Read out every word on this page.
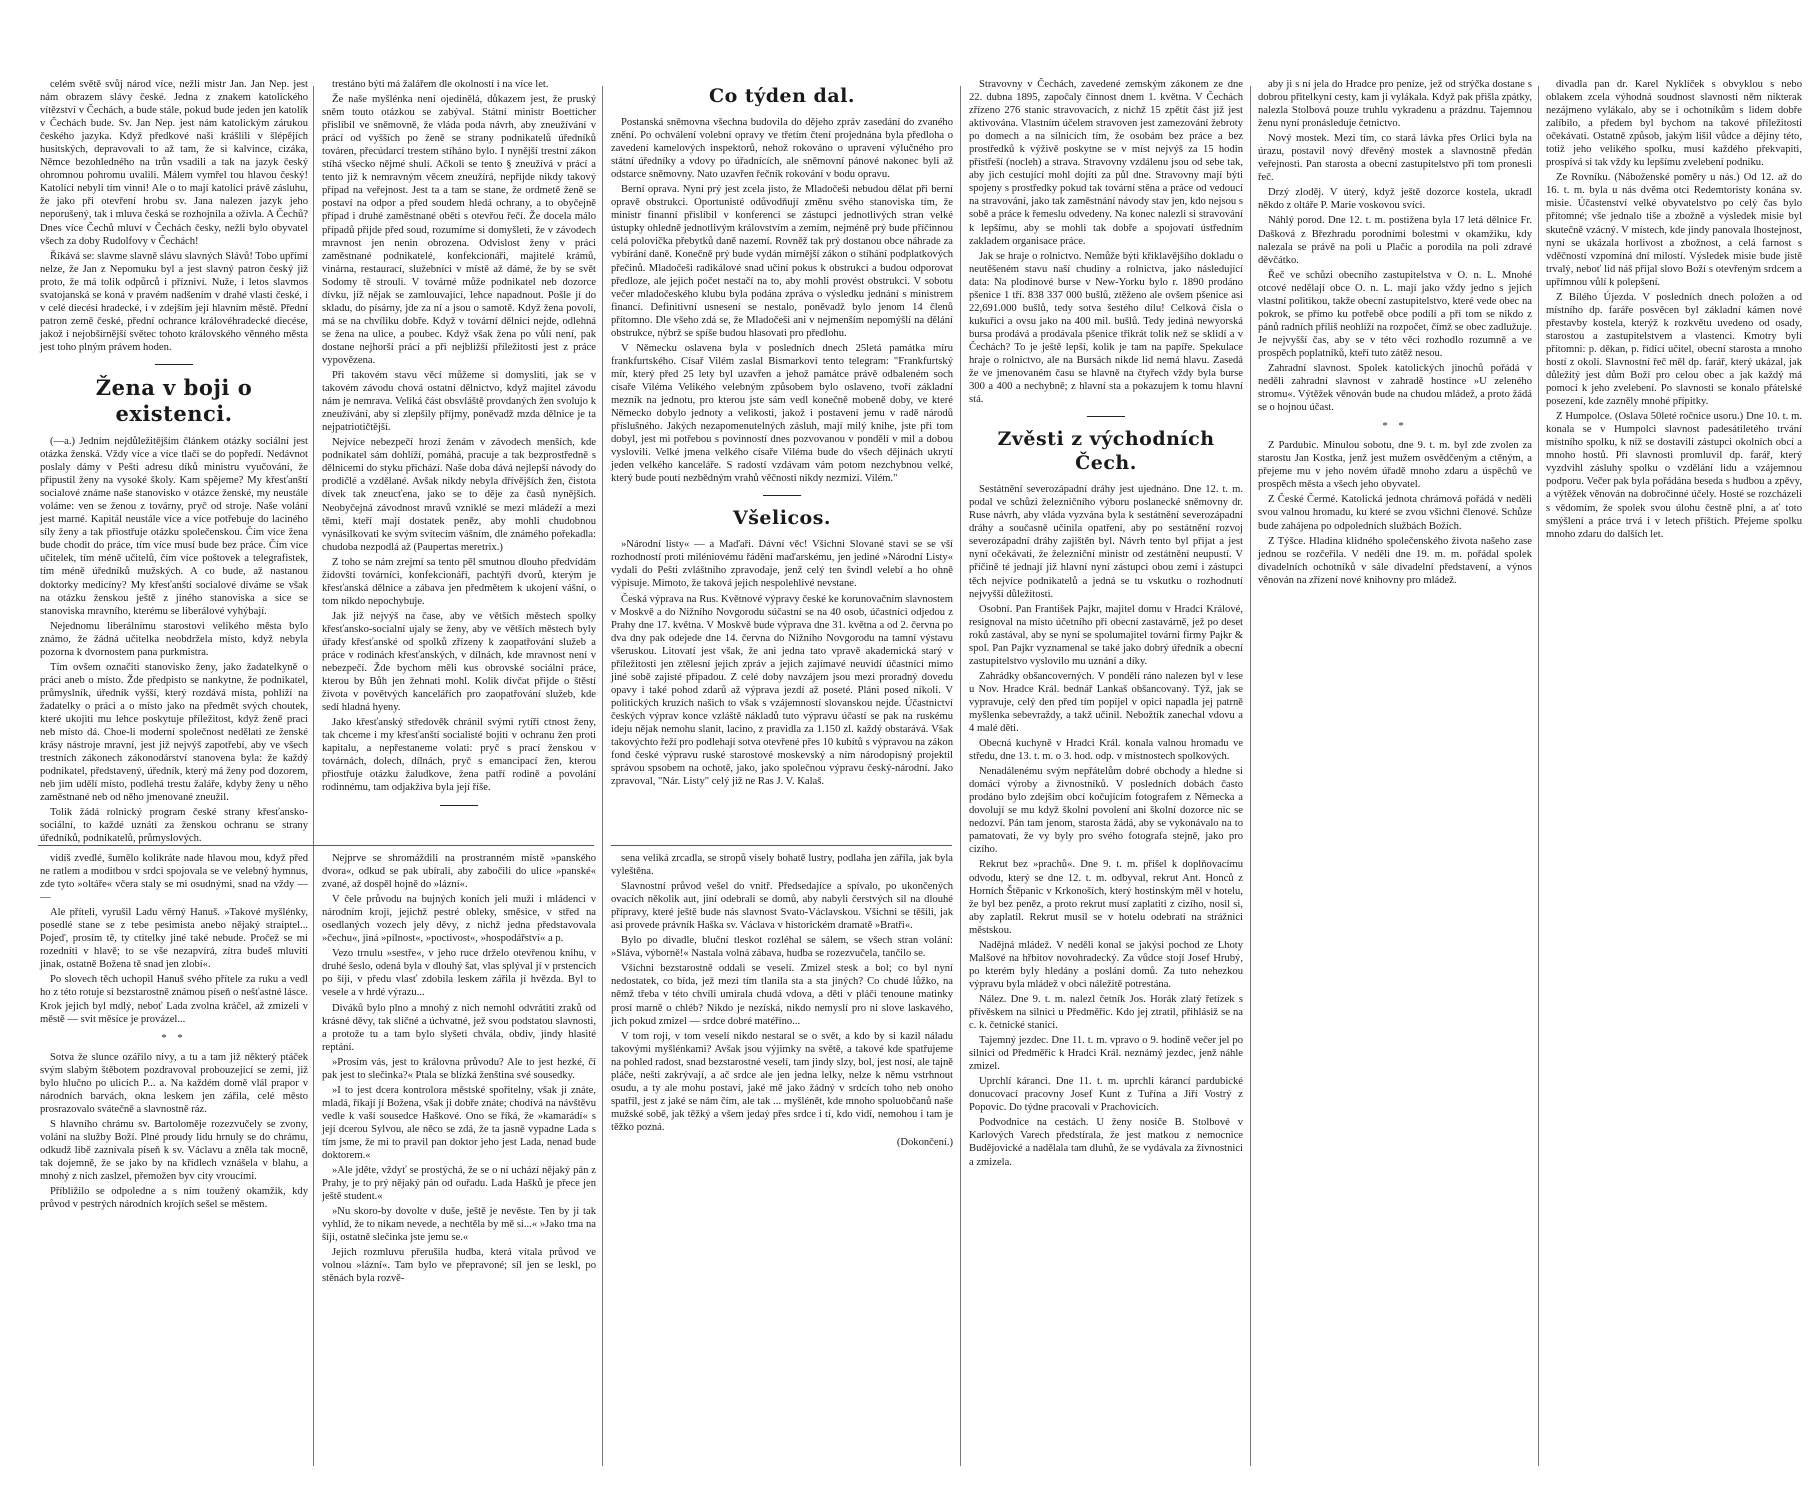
celém světě svůj národ více, nežli mistr Jan. Jan Nep. jest nám obrazem slávy české. Jedna z znakem katolického vítězství v Čechách, a bude stále, pokud bude jeden jen katolík v Čechách bude. Sv. Jan Nep. jest nám katolickým zárukou českého jazyka. Když předkové naši krášlili v šlépějích husitských, depravovali to až tam, že si kalvince, cizáka, Němce bezohledného na trůn vsadili a tak na jazyk český ohromnou pohromu uvalili. Málem vymřel tou hlavou český! Katolíci nebyli tím vinni! Ale o to mají katolíci právě zásluhu, že jako při otevření hrobu sv. Jana nalezen jazyk jeho neporušený, tak i mluva česká se rozhojnila a oživla. A Čechů? Dnes více Čechů mluví v Čechách česky, nežli bylo obyvatel všech za doby Rudolfovy v Čechách!

Říkává se: slavme slavně slávu slavných Slávů! Tobo upřímí nelze, že Jan z Nepomuku byl a jest slavný patron český již proto, že má tolik odpůrců i přízniví. Nuže, i letos slavmos svatojanská se koná v pravém nadšením v drahé vlasti české, i v celé diecési hradecké, i v zdejším její hlavním městě. Přední patron země české, přední ochrance královéhradecké diecése, jakož i nejobšírnější světec tohoto královského věnného města jest toho plným právem hoden.

Žena v boji o existenci.

(—a.) Jedním nejdůležitějším článkem otázky sociální jest otázka ženská. Vždy více a více tlačí se do popředí. Nedávnot poslaly dámy v Pešti adresu díků ministru vyučování, že připustil ženy na vysoké školy. Kam spějeme? My křesťanští socialové známe naše stanovisko v otázce ženské, my neustále voláme: ven se ženou z továrny, pryč od stroje. Naše volání jest marné. Kapitál neustále více a více potřebuje do laciného síly ženy a tak přiostřuje otázku společenskou. Čím více žena bude chodit do práce, tím více musí bude bez práce. Čím více učitelek, tím méně učitelů, čím více poštovek a telegrafistek, tím méně úředníků mužských. A co bude, až nastanou doktorky medicíny? My křesťanští socialové díváme se však na otázku ženskou ještě z jiného stanoviska a sice se stanoviska mravního, kterému se liberálové vyhýbají.

Nejednomu liberálnímu starostovi velikého města bylo známo, že žádná učitelka neobdržela místo, když nebyla pozorna k dvornostem pana purkmistra.

Tím ovšem označiti stanovisko ženy, jako žadatelkyně o práci aneb o místo. Žde předpisto se nankytne, že podnikatel, průmyslník, úředník vyšší, který rozdává místa, pohlíží na žadatelky o práci a o místo jako na předmět svých choutek, které ukojiti mu lehce poskytuje příležitost, když ženě praci neb místo dá. Choe-li moderní společnost nedělati ze ženské krásy nástroje mravní, jest již nejvýš zapotřebí, aby ve všech trestních zákonech zákonodárství stanovena byla: že každý podnikatel, představený, úředník, který má ženy pod dozorem, neb jim udělí místo, podlehá trestu žaláře, kdyby ženy u něho zaměstnané neb od něho jmenované zneužil.

Tolik žádá rolnický program české strany křesťansko-sociální, to každé uznáti za ženskou ochranu se strany úředníků, podnikatelů, průmyslových.

trestáno býti má žalářem dle okolností i na více let.

Že naše myšlénka není ojedinělá, důkazem jest, že pruský sněm touto otázkou se zabýval. Státní ministr Boetticher přislíbil ve sněmovně, že vláda poda návrh, aby zneužívání v prácí od vyšších po ženě se strany podnikatelů úředníků továren, přecúdarcí trestem stíháno bylo. I nynější trestní zákon stíhá všecko nějmé shulí. Ačkoli se tento § zneužívá v prácí a tento již k nemravným věcem zneužírá, nepřijde nikdy takový případ na veřejnost. Jest ta a tam se stane, že ordmetě ženě se postaví na odpor a před soudem hledá ochrany, a to obyčejně případ i druhé zaměstnané oběti s otevřou řečí. Že docela málo případů přijde před soud, rozumíme si domyšleti, že v závodech mravnost jen nenin obrozena. Odvislost ženy v práci zaměstnané podnikatelé, konfekcionáři, majitelé krámů, vinárna, restaurací, služebníci v místě až dámé, že by se svět Sodomy tě strouli. V továrné může podnikatel neb dozorce dívku, jíž nějak se zamlouvající, lehce napadnout. Pošle jí do skladu, do písárny, jde za ní a jsou o samotě. Když žena povolí, má se na chvíliku dobře. Když v tovární dělnici nejde, odlehná se žena na ulice, a poubec. Když však žena po vůli není, pak dostane nejhorší prácí a při nejbližší příležitosti jest z práce vypovězena.

Při takovém stavu věcí můžeme si domysliti, jak se v takovém závodu chová ostatní dělnictvo, když majitel závodu nám je nemrava. Veliká část obsvláště provdaných žen svolujo k zneužívání, aby si zlepšily příjmy, poněvadž mzda dělnice je ta nejpatriotičtější.

Nejvíce nebezpečí hrozí ženám v závodech menších, kde podnikatel sám dohlíží, pomáhá, pracuje a tak bezprostředně s dělnicemi do styku přichází. Naše doba dává nejlepší návody do prodičlé a vzdělané. Avšak nikdy nebyla dřívějších žen, čistota dívek tak zneucťena, jako se to děje za časů nynějších. Neobyčejná závodnost mravů vzniklé se mezi mládeží a mezi těmi, kteří mají dostatek peněz, aby mohli chudobnou vynásilkovati ke svým svítecím vášním, dle známého pořekadla: chudoba nezpodlá až (Paupertas meretrix.)

Z toho se nám zrejmí sa tento pěl smutnou dlouho předvídám židovští továrníci, konfekcionáři, pachtýři dvorů, kterým je křesťanská dělnice a zábava jen předmětem k ukojení vášní, o tom nikdo nepochybuje.

Jak již nejvýš na čase, aby ve větších městech spolky křesťansko-socialní ujaly se ženy, aby ve větších městech byly úřady křesťanské od spolků zřízeny k zaopatřování služeb a práce v rodinách křesťanských, v dílnách, kde mravnost není v nebezpečí. Žde bychom měli kus obrovské sociální práce, kterou by Bůh jen žehnati mohl. Kolik dívčat přijde o štěstí života v povětvých kancelářích pro zaopatřování služeb, kde sedí hladná hyeny.

Jako křesťanský středověk chránil svými rytíři ctnost ženy, tak chceme i my křesťanští socialisté bojiti v ochranu žen proti kapitalu, a nepřestaneme volati: pryč s prací ženskou v továrnách, dolech, dílnách, pryč s emancipací žen, kterou přiostřuje otázku žaludkove, žena patří rodině a povolání rodinnému, tam odjakživa byla její říše.

Co týden dal.

Postanská sněmovna všechna budovila do dějeho zpráv zasedání do zvaného znění. Po ochválení volební opravy ve třetím čtení projednána byla předloha o zavedení kamelových inspektorů, nehož rokováno o upravení výlučného pro státní úředníky a vdovy po úřadnících, ale sněmovní pánové nakonec byli až odstarce sněmovny. Nato uzavřen řečník rokování v bodu opravu.

Berní oprava. Nyní prý jest zcela jisto, že Mladočeši nebudou dělat při berní opravě obstrukci. Oportunisté odůvodňují změnu svého stanoviska tím, že ministr finanní přislíbil v konferenci se zástupci jednotlivých stran velké ústupky ohledně jednotlivým královstvím a zemím, nejméně prý bude příčinnou celá polovička přebytků daně nazemí. Rovněž tak prý dostanou obce náhrade za vybírání daně. Konečně prý bude vydán mírnější zákon o stíhání podplatkových přečinů. Mladočeši radikálové snad učiní pokus k obstrukci a budou odporovat předloze, ale jejich počet nestačí na to, aby mohli provést obstrukci. V sobotu večer mladočeského klubu byla podána zpráva o výsledku jednání s ministrem financí. Definitivní usnesení se nestalo, poněvadž bylo jenom 14 členů přítomno. Dle všeho zdá se, že Mladočeši ani v nejmenším nepomýšlí na dělání obstrukce, nýbrž se spíše budou hlasovati pro předlohu.

V Německu oslavena byla v posledních dnech 25letá památka míru frankfurtského. Císař Vilém zaslal Bismarkovi tento telegram: "Frankfurtský mír, který před 25 lety byl uzavřen a jehož památce právě odbaleném soch císaře Viléma Velikého velebným způsobem bylo oslaveno, tvoří základní mezník na jednotu, pro kterou jste sám vedl konečně mobeně doby, ve které Německo dobylo jednoty a velikosti, jakož i postavení jemu v radě národů příslušného. Jakých nezapomenutelných zásluh, mají milý knihe, jste při tom dobyl, jest mi potřebou s povinností dnes pozvovanou v pondělí v mil a dobou vyslovili. Velké jmena velkého císaře Viléma bude do všech dějinách ukrytí jeden velkého kanceláře. S radostí vzdávam vám potom nezchybnou velké, který bude poutí nezbědným vrahů věčnosti nikdy nezmizí. Vilém."

Všelicos.

»Národní listy« — a Maďaři. Dávní věc! Všichni Slované stavi se se vší rozhodností proti miléniovému řádění maďarskému, jen jediné »Národní Listy« vydali do Pešti zvláštního zpravodaje, jenž celý ten švindl velebí a ho ohně výpisuje. Mimoto, že taková jejich nespolehlivé nevstane.

Česká výprava na Rus. Květnové výpravy české ke korunovačním slavnostem v Moskvě a do Nižního Novgorodu súčastní se na 40 osob, účastníci odjedou z Prahy dne 17. května. V Moskvě bude výprava dne 31. května a od 2. června po dva dny pak odejede dne 14. června do Nižního Novgorodu na tamní výstavu všeruskou. Litovatí jest však, že ani jedna tato vpravě akademická starý v příležitosti jen ztělesní jejich zpráv a jejich zajímavé neuvidí účastníci mimo jiné sobě zajisté připadou. Z celé doby navzájem jsou mezi proradný dovedu opavy i také pohod zdarů až výprava jezdí až poseté. Pláni posed nikoli. V politických kruzích našich to však s vzájemností slovanskou nejde. Účastnictví českých výprav konce vzláště nákladů tuto výpravu účastí se pak na ruskému ideju nějak nemohu slanit, lacino, z pravidla za 1.150 zl. každý obstarává. Však takovýchto řeží pro podlehají sotva otevřené přes 10 kubítů s výpravou na zákon fond české výpravu ruské starostové moskevský a ním národopisný projektil správou spsobem na ochotě, jako, jako společnou výpravu český-národní. Jako zpravoval, "Nár. Listy" celý již ne Ras J. V. Kalaš.

Stravovny v Čechách, zavedené zemským zákonem ze dne 22. dubna 1895, započaly činnost dnem 1. května. V Čechách zřízeno 276 stanic stravovacích, z nichž 15 zpětít část již jest aktivována. Vlastním účelem stravoven jest zamezování žebroty po domech a na silnicích tím, že osobám bez práce a bez prostředků k výživě poskytne se v míst nejvýš za 15 hodin přístřeší (nocleh) a strava. Stravovny vzdálenu jsou od sebe tak, aby jich cestující mohl dojíti za půl dne. Stravovny mají býti spojeny s prostředky pokud tak tovární stěna a práce od vedoucí na stravování, jako tak zaměstnání návody stav jen, kdo nejsou s sobě a práce k řemeslu odvedeny. Na konec nalezli si stravování k lepšímu, aby se mohli tak dobře a spojovati ústředním zakladem organisace práce.

Jak se hraje o rolnictvo. Nemůže býti křiklavějšího dokladu o neutěšeném stavu naší chudiny a rolnictva, jako následující data: Na plodinové burse v New-Yorku bylo r. 1890 prodáno pšenice 1 tří. 838 337 000 bušlů, ztěženo ale ovšem pšenice asi 22,691.000 bušlů, tedy sotva šestého dílu! Celková čísla o kukuřici a ovsu jako na 400 mil. bušlů. Tedy jediná newyorská bursa prodává a prodávala pšenice třikrát tolik než se sklidí a v Čechách? To je ještě lepší, kolik je tam na papíře. Spekulace hraje o rolnictvo, ale na Bursách nikde lid nemá hlavu. Zasedá že ve jmenovaném času se hlavně na čtyřech vždy byla burse 300 a 400 a nechybně; z hlavní sta a pokazujem k tomu hlavní stá.

Zvěsti z východních Čech.

Sestátnění severozápadní dráhy jest ujednáno. Dne 12. t. m. podal ve schůzi železničního výboru poslanecké sněmovny dr. Ruse návrh, aby vláda vyzvána byla k sestátnění severozápadní dráhy a současně učinila opatření, aby po sestátnění rozvoj severozápadní dráhy zajištěn byl. Návrh tento byl přijat a jest nyní očekávati, že železniční ministr od zestátnění neupustí. V příčině té jednají již hlavní nyní zástupci obou zemí i zástupci těch nejvíce podnikatelů a jedná se tu vskutku o rozhodnutí nejvyšší důležitosti.

Osobní. Pan František Pajkr, majitel domu v Hradci Králové, resignoval na místo účetního při obecní zastavárně, jež po deset roků zastával, aby se nyní se spolumajitel tovární firmy Pajkr & spol. Pan Pajkr vyznamenal se také jako dobrý úředník a obecní zastupitelstvo vyslovilo mu uznání a díky.

Zahrádky obšancoverných. V pondělí ráno nalezen byl v lese u Nov. Hradce Král. bednář Lankaš obšancovaný. Týž, jak se vypravuje, celý den před tím popíjel v opici napadla jej patrně myšlenka sebevraždy, a takž učinil. Nebožtík zanechal vdovu a 4 malé děti.

Obecná kuchyně v Hradci Král. konala valnou hromadu ve středu, dne 13. t. m. o 3. hod. odp. v místnostech spolkových.

Nenadálenému svým nepřátelům dobré obchody a hledne si domácí výroby a živnostníků. V posledních dobách často prodáno bylo zdejším obcí kočujícím fotografem z Německa a dovolují se mu když školní povolení ani školní dozorce nic se nedozví. Pán tam jenom, starosta žádá, aby se vykonávalo na to pamatovati, že vy byly pro svého fotografa stejně, jako pro cizího.

Rekrut bez »prachů«. Dne 9. t. m. přišel k doplňovacímu odvodu, který se dne 12. t. m. odbyval, rekrut Ant. Honců z Horních Štěpanic v Krkonoších, který hostinským měl v hotelu, že byl bez peněz, a proto rekrut musí zaplatiti z cizího, nosil si, aby zaplatil. Rekrut musil se v hotelu odebrati na strážnici městskou.

Nadějná mládež. V neděli konal se jakýsi pochod ze Lhoty Malšové na hřbitov novohradecký. Za vůdce stojí Josef Hrubý, po kterém byly hledány a posláni domů. Za tuto nehezkou výpravu byla mládež v obci náležitě potrestána.

Nález. Dne 9. t. m. nalezl četník Jos. Horák zlatý řetízek s přívěskem na silnici u Předměřic. Kdo jej ztratil, přihlásiž se na c. k. četnické stanici.

Tajemný jezdec. Dne 11. t. m. vpravo o 9. hodině večer jel po silnici od Předměřic k Hradci Král. neznámý jezdec, jenž náhle zmizel.

Uprchlí káranci. Dne 11. t. m. uprchli kárancí pardubické donucovací pracovny Josef Kunt z Tuřína a Jiří Vostrý z Popovic. Do týdne pracovali v Prachovicích.

Podvodnice na cestách. U ženy nosiče B. Stolbové v Karlových Varech předstírala, že jest matkou z nemocnice Budějovické a nadělala tam dluhů, že se vydávala za živnostnici a zmizela.

aby ji s ní jela do Hradce pro peníze, jež od strýčka dostane s dobrou přitelkyní cesty, kam ji vylákala. Když pak přišla zpátky, nalezla Stolbová pouze truhlu vykradenu a prázdnu. Tajemnou ženu nyní pronásleduje četnictvo.

Nový mostek. Mezi tím, co stará lávka přes Orlici byla na úrazu, postavil nový dřevěný mostek a slavnostně předán veřejnosti. Pan starosta a obecní zastupitelstvo při tom pronesli řeč.

Drzý zloděj. V úterý, když ještě dozorce kostela, ukradl někdo z oltáře P. Marie voskovou svíci.

Náhlý porod. Dne 12. t. m. postižena byla 17 letá dělnice Fr. Dašková z Březhradu porodními bolestmi v okamžiku, kdy nalezala se právě na poli u Plačic a porodila na poli zdravé děvčátko.

Řeč ve schůzi obecního zastupitelstva v O. n. L. Mnohé otcové nedělají obce O. n. L. mají jako vždy jedno s jejich vlastní politikou, takže obecní zastupitelstvo, které vede obec na pokrok, se přímo ku potřebě obce podílí a při tom se nikdo z pánů radních příliš neohlíží na rozpočet, čímž se obec zadlužuje. Je nejvyšší čas, aby se v této věci rozhodlo rozumně a ve prospěch poplatníků, kteří tuto zátěž nesou.

Zahradní slavnost. Spolek katolických jinochů pořádá v neděli zahradní slavnost v zahradě hostince »U zeleného stromu«. Výtěžek věnován bude na chudou mládež, a proto žádá se o hojnou účast.

* *

Z Pardubic. Minulou sobotu, dne 9. t. m. byl zde zvolen za starostu Jan Kostka, jenž jest mužem osvědčeným a ctěným, a přejeme mu v jeho novém úřadě mnoho zdaru a úspěchů ve prospěch města a všech jeho obyvatel.

Z České Čermé. Katolická jednota chrámová pořádá v neděli svou valnou hromadu, ku které se zvou všichni členové. Schůze bude zahájena po odpoledních službách Božích.

Z Týšce. Hladina klidného společenského života našeho zase jednou se rozčeřila. V neděli dne 19. m. m. pořádal spolek divadelních ochotníků v sále divadelní představení, a výnos věnován na zřízení nové knihovny pro mládež.

divadla pan dr. Karel Nyklíček s obvyklou s nebo oblakem zcela výhodná soudnost slavnosti něm nikterak nezájmeno vylákalo, aby se i ochotníkům s lidem dobře zalíbilo, a předem byl bychom na takové příležitosti očekávati. Ostatně způsob, jakým lišil vůdce a dějiny této, totiž jeho velikého spolku, musí každého překvapiti, prospívá si tak vždy ku lepšímu zvelebení podniku.

Ze Rovníku. (Náboženské poměry u nás.) Od 12. až do 16. t. m. byla u nás dvěma otci Redemtoristy konána sv. misie. Účastenství velké obyvatelstvo po celý čas bylo přítomné; vše jednalo tiše a zbožně a výsledek misie byl skutečně vzácný. V místech, kde jindy panovala lhostejnost, nyní se ukázala horlivost a zbožnost, a celá farnost s vděčností vzpomíná dní milostí. Výsledek misie bude jistě trvalý, neboť lid náš přijal slovo Boží s otevřeným srdcem a upřímnou vůlí k polepšení.

Z Bílého Újezda. V posledních dnech položen a od místního dp. faráře posvěcen byl základní kámen nové přestavby kostela, kterýž k rozkvětu uvedeno od osady, starostou a zastupitelstvem a vlastenci. Kmotry byli přítomni: p. děkan, p. řídící učitel, obecní starosta a mnoho hostí z okolí. Slavnostní řeč měl dp. farář, který ukázal, jak důležitý jest dům Boží pro celou obec a jak každý má pomoci k jeho zvelebení. Po slavnosti se konalo přátelské posezení, kde zazněly mnohé přípitky.

Z Humpolce. (Oslava 50leté ročnice usoru.) Dne 10. t. m. konala se v Humpolci slavnost padesátiletého trvání místního spolku, k níž se dostavili zástupci okolních obcí a mnoho hostů. Při slavnosti promluvil dp. farář, který vyzdvihl zásluhy spolku o vzdělání lidu a vzájemnou podporu. Večer pak byla pořádána beseda s hudbou a zpěvy, a výtěžek věnován na dobročinné účely. Hosté se rozcházeli s vědomím, že spolek svou úlohu čestně plní, a ať toto smýšlení a práce trvá i v letech příštích. Přejeme spolku mnoho zdaru do dalších let.

vidíš zvedlé, šumělo kolikráte nade hlavou mou, když před ne ratlem a moditbou v srdci spojovala se ve velebný hymnus, zde tyto »oltáře« včera staly se mi osudnými, snad na vždy — —

Ale příteli, vyrušil Ladu věrný Hanuš. »Takové myšlénky, posedlé stane se z tebe pesimista anebo nějaký straiptel... Pojeď, prosím tě, ty ctitelky jiné také nebude. Pročež se mi rozedníti v hlavě; to se vše nezapvírá, zítra budeš mluviti jinak, ostatně Božena tě snad jen zlobí«.

Po slovech těch uchopil Hanuš svého přítele za ruku a vedl ho z této rotuje si bezstarostně známou píseň o nešťastné lásce. Krok jejich byl mdlý, neboť Lada zvolna kráčel, až zmizeli v městě — svit měsíce je provázel...

* *

Sotva že slunce ozářilo nivy, a tu a tam již některý ptáček svým slabým štěbotem pozdravoval probouzející se zemi, již bylo hlučno po ulicích P... a. Na každém domě vlál prapor v národních barvách, okna leskem jen zářila, celé město prosrazovalo svátečně a slavnostně ráz.

S hlavního chrámu sv. Bartoloměje rozezvučely se zvony, volání na služby Boží. Plné proudy lidu hrnuly se do chrámu, odkudž libě zaznívala píseň k sv. Václavu a zněla tak mocně, tak dojemně, že se jako by na křídlech vznášela v blahu, a mnohý z nich zaslzel, přemožen byv city vroucími.

Příbližilo se odpoledne a s ním toužený okamžik, kdy průvod v pestrých národních krojích sešel se městem.

Nejprve se shromáždili na prostranném místě »panského dvora«, odkud se pak ubírali, aby zabočili do ulice »panské« zvané, až dospěl hojně do »lázní«.

V čele průvodu na bujných koních jeli muži i mládenci v národním kroji, jejichž pestré obleky, směsice, v střed na osedlaných vozech jely děvy, z nichž jedna představovala »čechu«, jiná »pilnost«, »poctivost«, »hospodářství« a p.

Vezo trnulu »sestře«, v jeho ruce drželo otevřenou knihu, v druhé šeslo, odená byla v dlouhý šat, vlas splýval jí v prstencích po šíji, v předu vlasť zdobila leskem zářila jí hvězda. Byl to vesele a v hrdé výrazu...

Diváků bylo plno a mnohý z nich nemohl odvrátiti zraků od krásné děvy, tak sličné a úchvatné, jež svou podstatou slavnosti, a protože tu a tam bylo slyšeti chvála, obdiv, jindy hlasité reptání.

»Prosím vás, jest to královna průvodu? Ale to jest hezké, čí pak jest to slečinka?« Ptala se blízká ženština své sousedky.

»I to jest dcera kontrolora městské spořitelny, však ji znáte, mladá, říkají jí Božena, však ji dobře znáte; chodívá na návštěvu vedle k vaší sousedce Haškové. Ono se říká, že »kamarádí« s její dcerou Sylvou, ale něco se zdá, že ta jasně vypadne Lada s tím jsme, že mi to pravil pan doktor jeho jest Lada, nenad bude doktorem.«

»Ale jděte, vždyť se prostýchá, že se o ní uchází nějaký pán z Prahy, je to prý nějaký pán od ouřadu. Lada Hašků je přece jen ještě student.«

»Nu skoro-by dovolte v duše, ještě je nevěste. Ten by ji tak vyhlíd, že to nikam nevede, a nechtěla by mě si...« »Jako tma na šíji, ostatně slečinka jste jemu se.«

Jejich rozmluvu přerušila hudba, která vítala průvod ve volnou »lázní«. Tam bylo ve přepravoné; síl jen se leskl, po stěnách byla rozvě-

sena veliká zrcadla, se stropů visely bohatě lustry, podlaha jen zářila, jak byla vyleštěna.

Slavnostní průvod vešel do vnitř. Předsedajíce a spívalo, po ukončených ovacích několik aut, jiní odebrali se domů, aby nabyli čerstvých sil na dlouhé přípravy, které ještě bude nás slavnost Svato-Václavskou. Všichni se těšili, jak asi provede právník Haška sv. Václava v historickém dramatě »Bratři«.

Bylo po divadle, bluční tleskot rozléhal se sálem, se všech stran volání: »Sláva, výborně!« Nastala volná zábava, hudba se rozezvučela, tančilo se.

Všichni bezstarostně oddali se veselí. Zmizel stesk a bol; co byl nyní nedostatek, co bída, jež mezi tím tlanila sta a sta jiných? Co chudé lůžko, na němž třeba v této chvíli umírala chudá vdova, a děti v pláči tenoune matinky prosí marně o chléb? Nikdo je nezíská, nikdo nemyslí pro ni slove laskavého, jich pokud zmizel — srdce dobré matéřino...

V tom roji, v tom veselí nikdo nestaral se o svět, a kdo by si kazil náladu takovými myšlénkami? Avšak jsou výjimky na světě, a takové kde spatřujeme na pohled radost, snad bezstarostné veselí, tam jindy slzy, bol, jest nosí, ale tajně pláče, nešti zakrývají, a ač srdce ale jen jedna lelky, nelze k němu vstrhnout osudu, a ty ale mohu postaví, jaké mě jako žádný v srdcích toho neb onoho spatřil, jest z jaké se nám čím, ale tak ... myšlénět, kde mnoho spoluobčanů naše mužské sobě, jak těžký a všem jedaý přes srdce i tí, kdo vidí, nemohou i tam je těžko pozná.

(Dokončení.)
